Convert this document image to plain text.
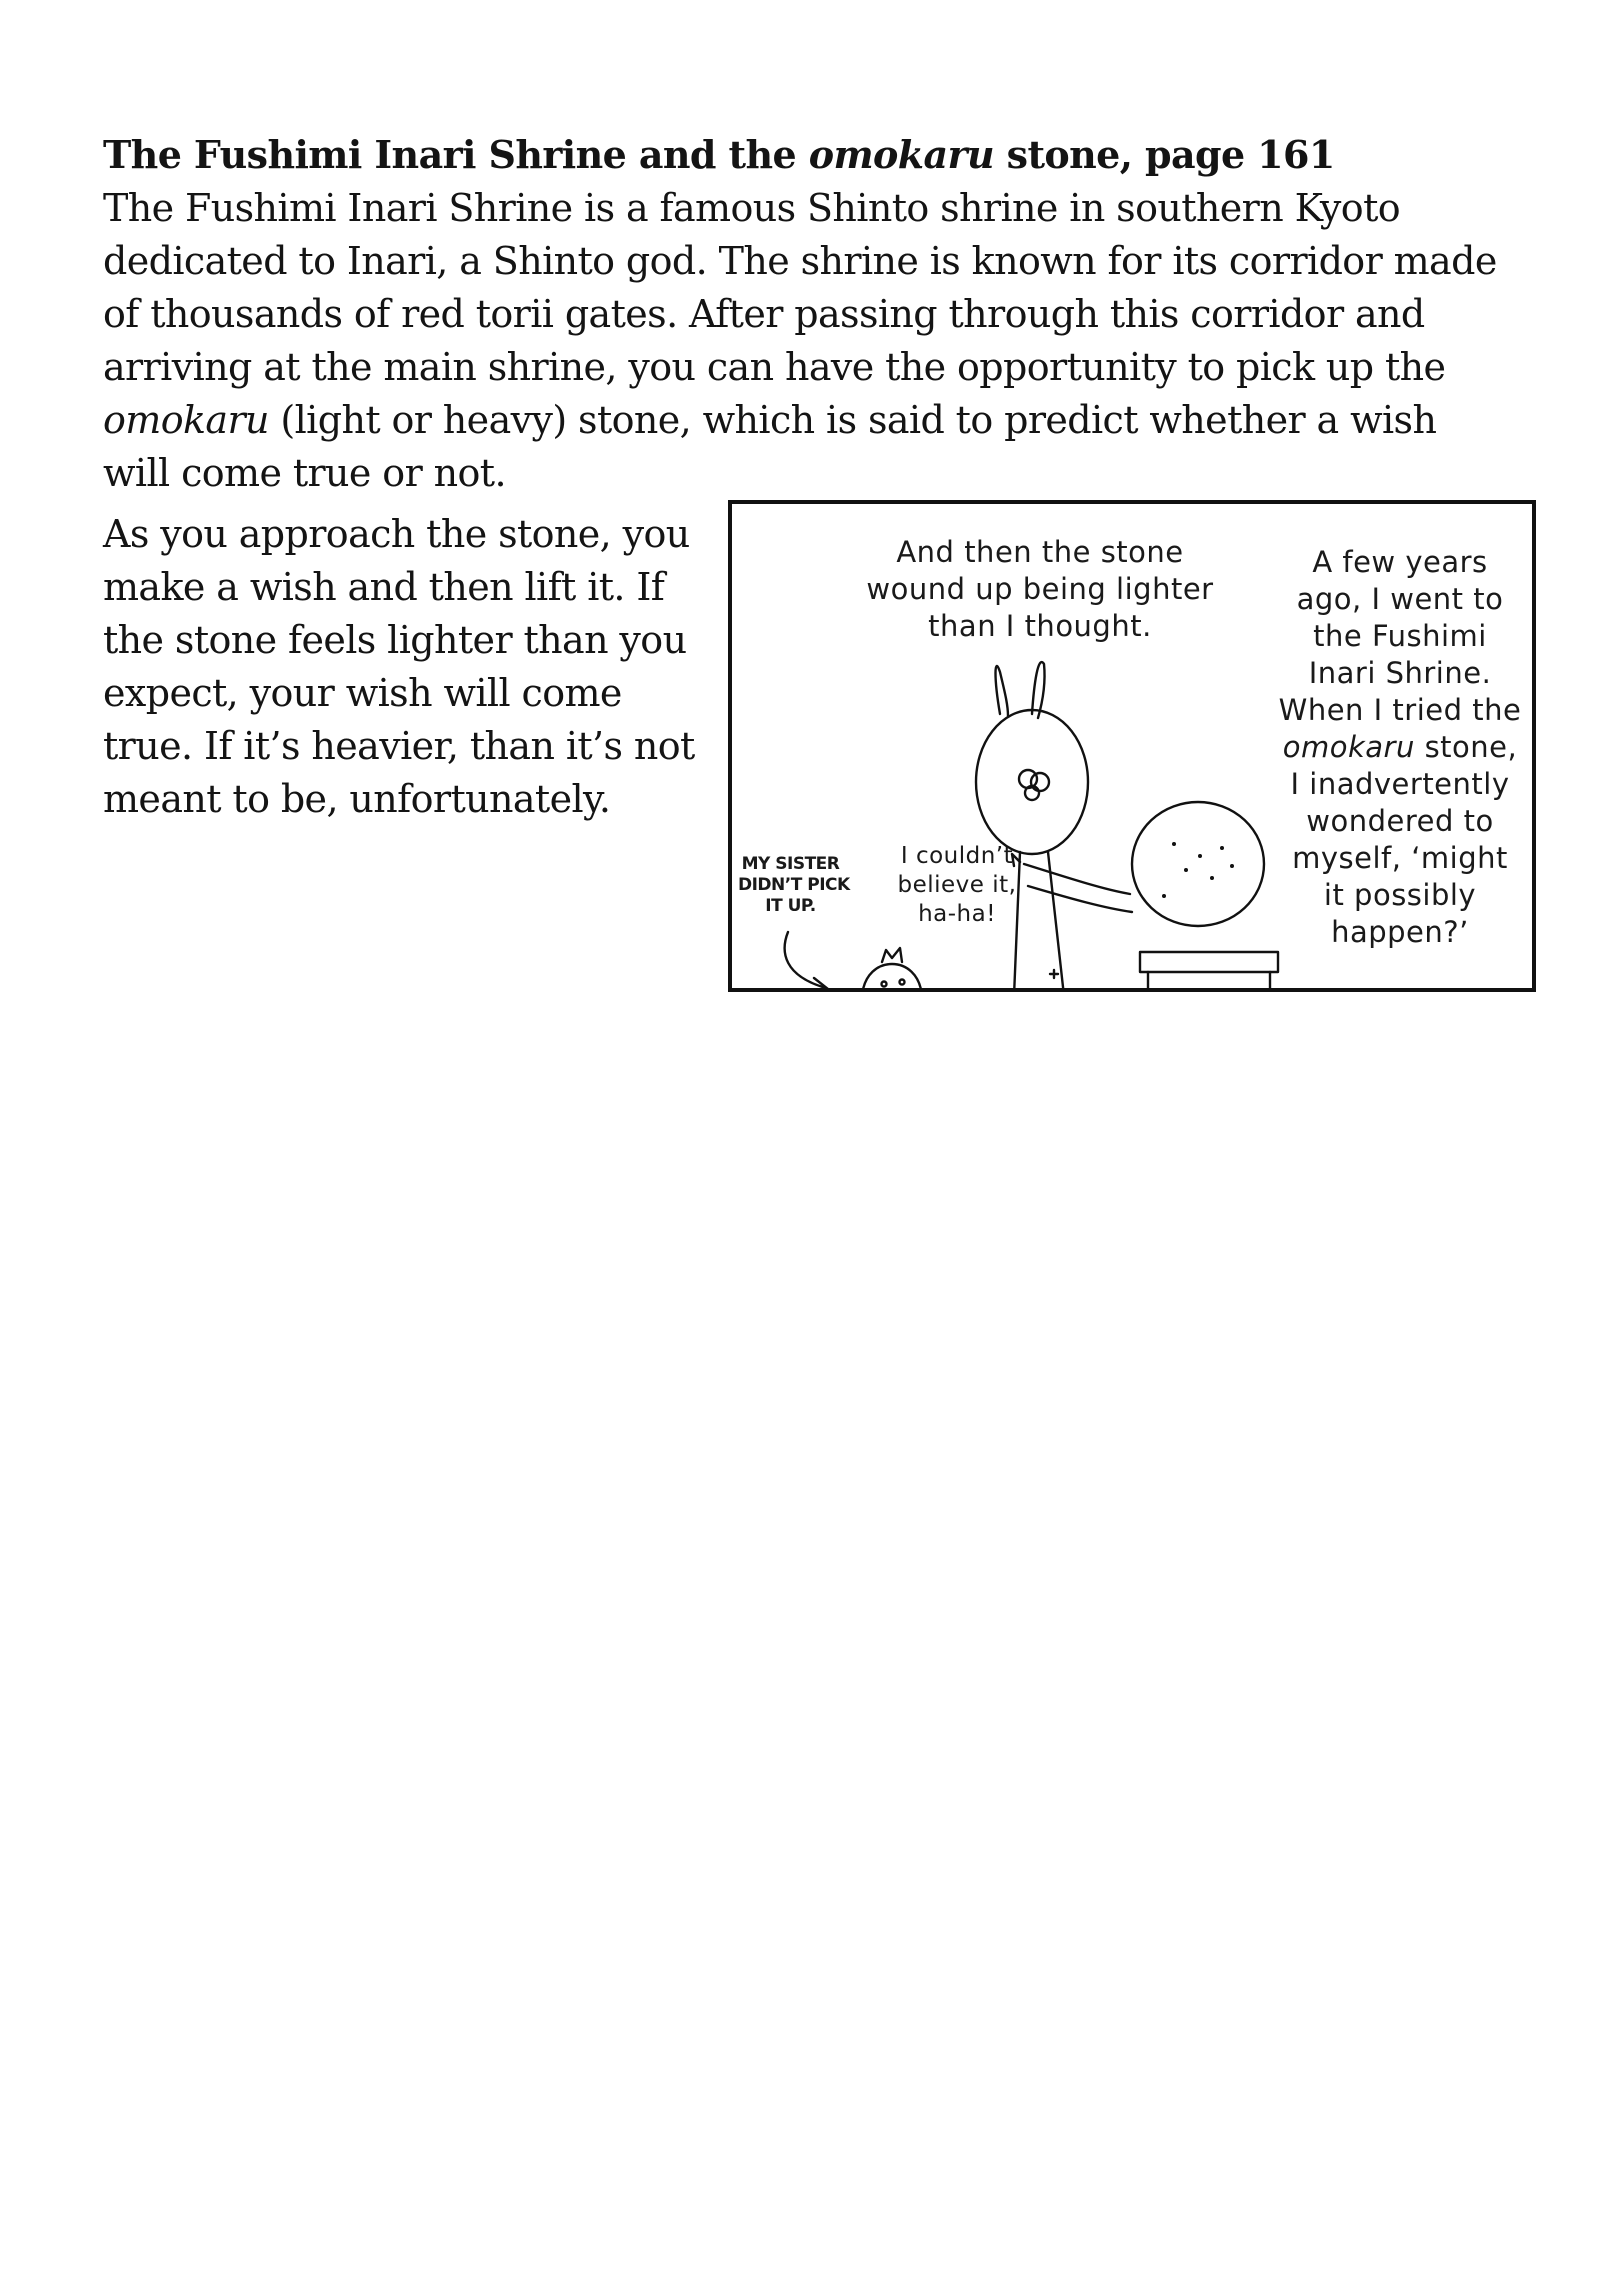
The Fushimi Inari Shrine and the omokaru stone, page 161
The Fushimi Inari Shrine is a famous Shinto shrine in southern Kyoto
dedicated to Inari, a Shinto god. The shrine is known for its corridor made
of thousands of red torii gates. After passing through this corridor and
arriving at the main shrine, you can have the opportunity to pick up the
omokaru (light or heavy) stone, which is said to predict whether a wish
will come true or not.
As you approach the stone, you
make a wish and then lift it. If
the stone feels lighter than you
expect, your wish will come
true. If it’s heavier, than it’s not
meant to be, unfortunately.
And then the stone
wound up being lighter
than I thought.
A few years
ago, I went to
the Fushimi
Inari Shrine.
When I tried the
omokaru stone,
I inadvertently
wondered to
myself, ‘might
it possibly
happen?’
I couldn’t
believe it,
ha-ha!
MY SISTER
DIDN’T PICK
IT UP.
